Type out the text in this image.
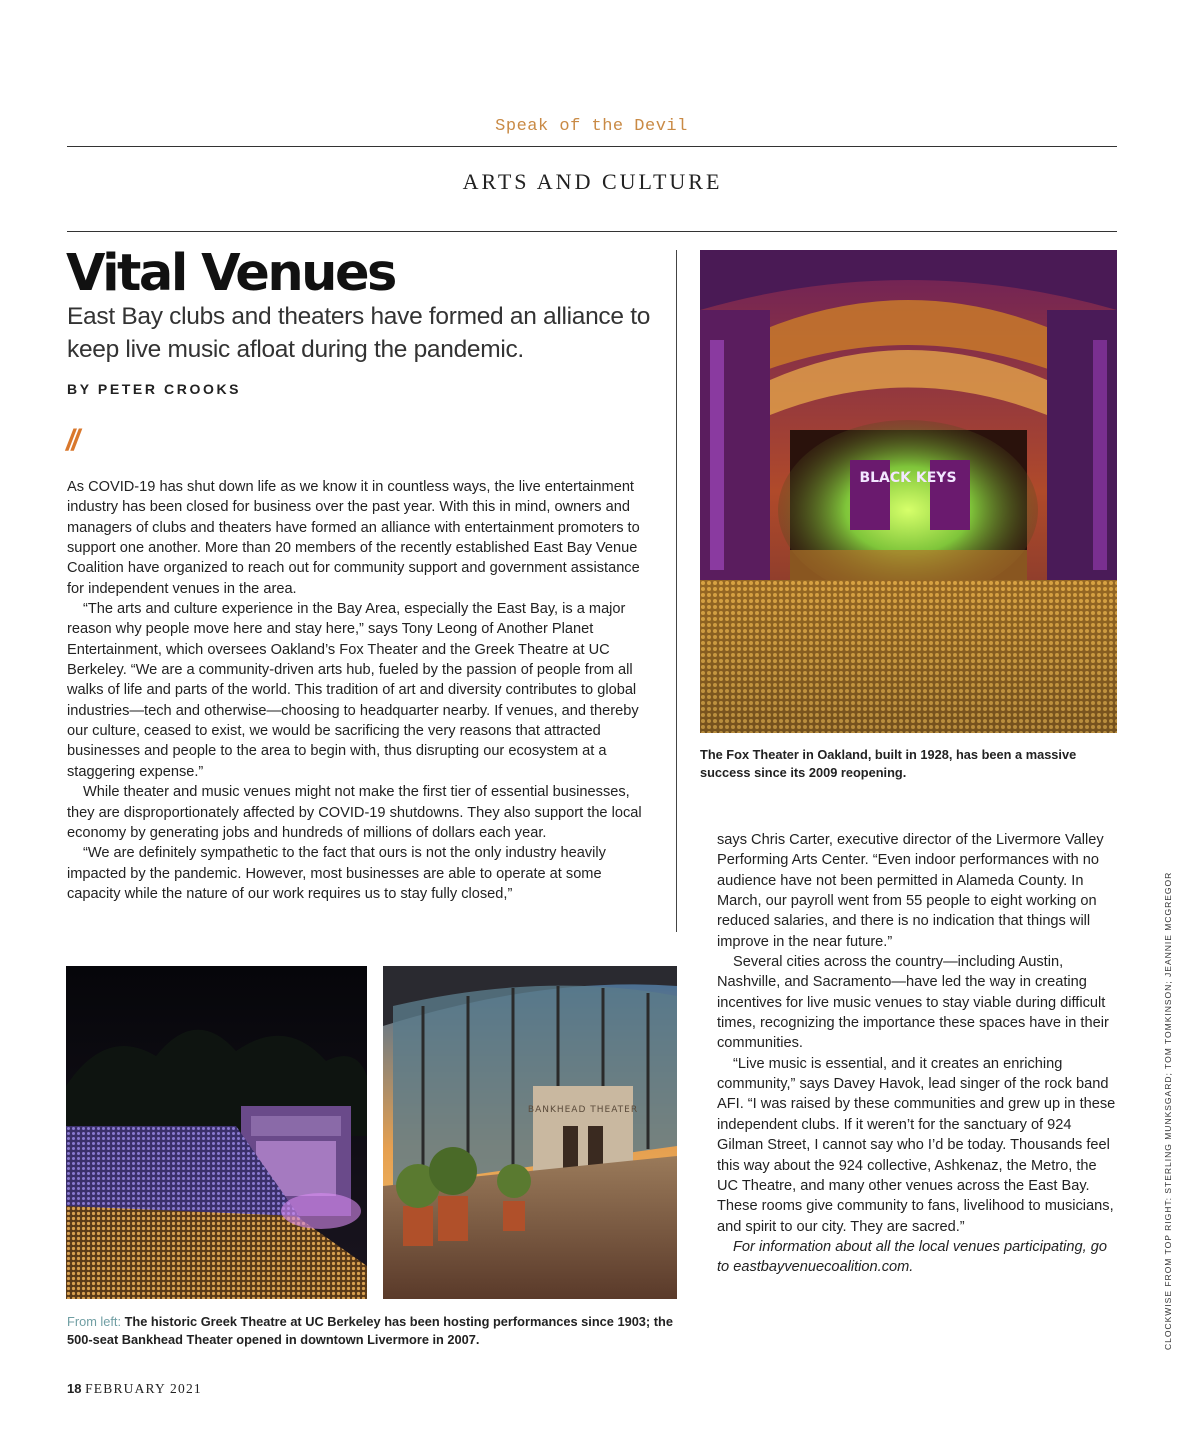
Speak of the Devil
ARTS AND CULTURE
Vital Venues
East Bay clubs and theaters have formed an alliance to keep live music afloat during the pandemic.
BY PETER CROOKS
//

As COVID-19 has shut down life as we know it in countless ways, the live entertainment industry has been closed for business over the past year. With this in mind, owners and managers of clubs and theaters have formed an alliance with entertainment promoters to support one another. More than 20 members of the recently established East Bay Venue Coalition have organized to reach out for community support and government assistance for independent venues in the area.

“The arts and culture experience in the Bay Area, especially the East Bay, is a major reason why people move here and stay here,” says Tony Leong of Another Planet Entertainment, which oversees Oakland’s Fox Theater and the Greek Theatre at UC Berkeley. “We are a community-driven arts hub, fueled by the passion of people from all walks of life and parts of the world. This tradition of art and diversity contributes to global industries—tech and otherwise—choosing to headquarter nearby. If venues, and thereby our culture, ceased to exist, we would be sacrificing the very reasons that attracted businesses and people to the area to begin with, thus disrupting our ecosystem at a staggering expense.”

While theater and music venues might not make the first tier of essential businesses, they are disproportionately affected by COVID-19 shutdowns. They also support the local economy by generating jobs and hundreds of millions of dollars each year.

“We are definitely sympathetic to the fact that ours is not the only industry heavily impacted by the pandemic. However, most businesses are able to operate at some capacity while the nature of our work requires us to stay fully closed,”

BLACK KEYS
The Fox Theater in Oakland, built in 1928, has been a massive success since its 2009 reopening.

says Chris Carter, executive director of the Livermore Valley Performing Arts Center. “Even indoor performances with no audience have not been permitted in Alameda County. In March, our payroll went from 55 people to eight working on reduced salaries, and there is no indication that things will improve in the near future.”

Several cities across the country—including Austin, Nashville, and Sacramento—have led the way in creating incentives for live music venues to stay viable during difficult times, recognizing the importance these spaces have in their communities.

“Live music is essential, and it creates an enriching community,” says Davey Havok, lead singer of the rock band AFI. “I was raised by these communities and grew up in these independent clubs. If it weren’t for the sanctuary of 924 Gilman Street, I cannot say who I’d be today. Thousands feel this way about the 924 collective, Ashkenaz, the Metro, the UC Theatre, and many other venues across the East Bay. These rooms give community to fans, livelihood to musicians, and spirit to our city. They are sacred.”

For information about all the local venues participating, go to eastbayvenuecoalition.com.

BANKHEAD THEATER
From left: The historic Greek Theatre at UC Berkeley has been hosting performances since 1903; the 500-seat Bankhead Theater opened in downtown Livermore in 2007.
18 FEBRUARY 2021
CLOCKWISE FROM TOP RIGHT: STERLING MUNKSGARD; TOM TOMKINSON; JEANNIE MCGREGOR
